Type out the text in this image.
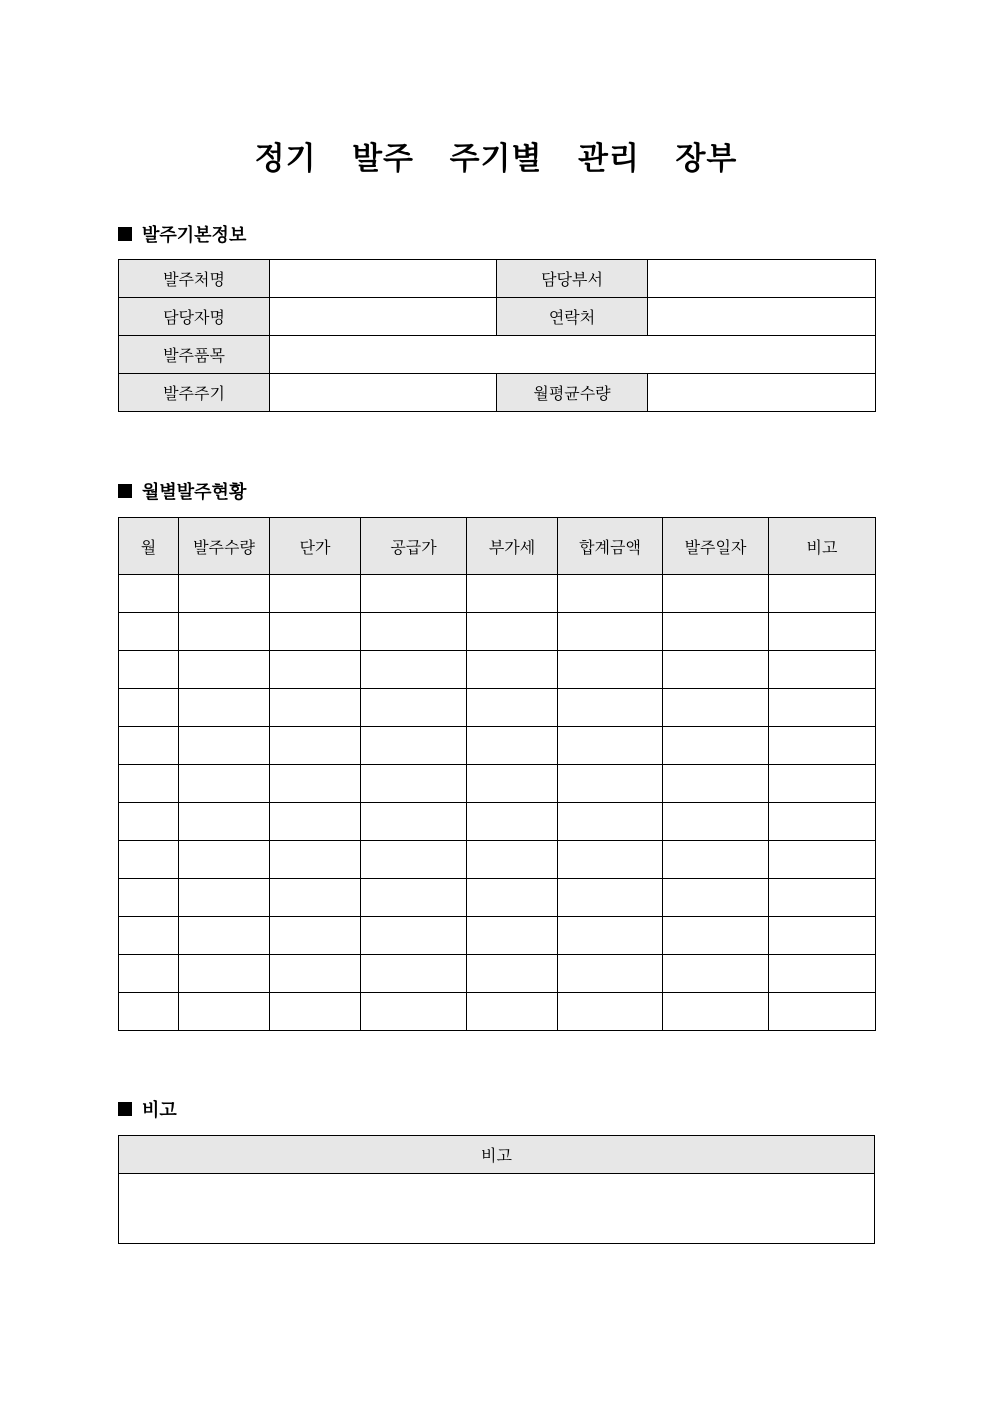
정기  발주  주기별  관리  장부
발주기본정보
발주처명		담당부서	
담당자명		연락처	
발주품목			
발주주기		월평균수량	
월별발주현황
월	발주수량	단가	공급가	부가세	합계금액	발주일자	비고

비고
비고
